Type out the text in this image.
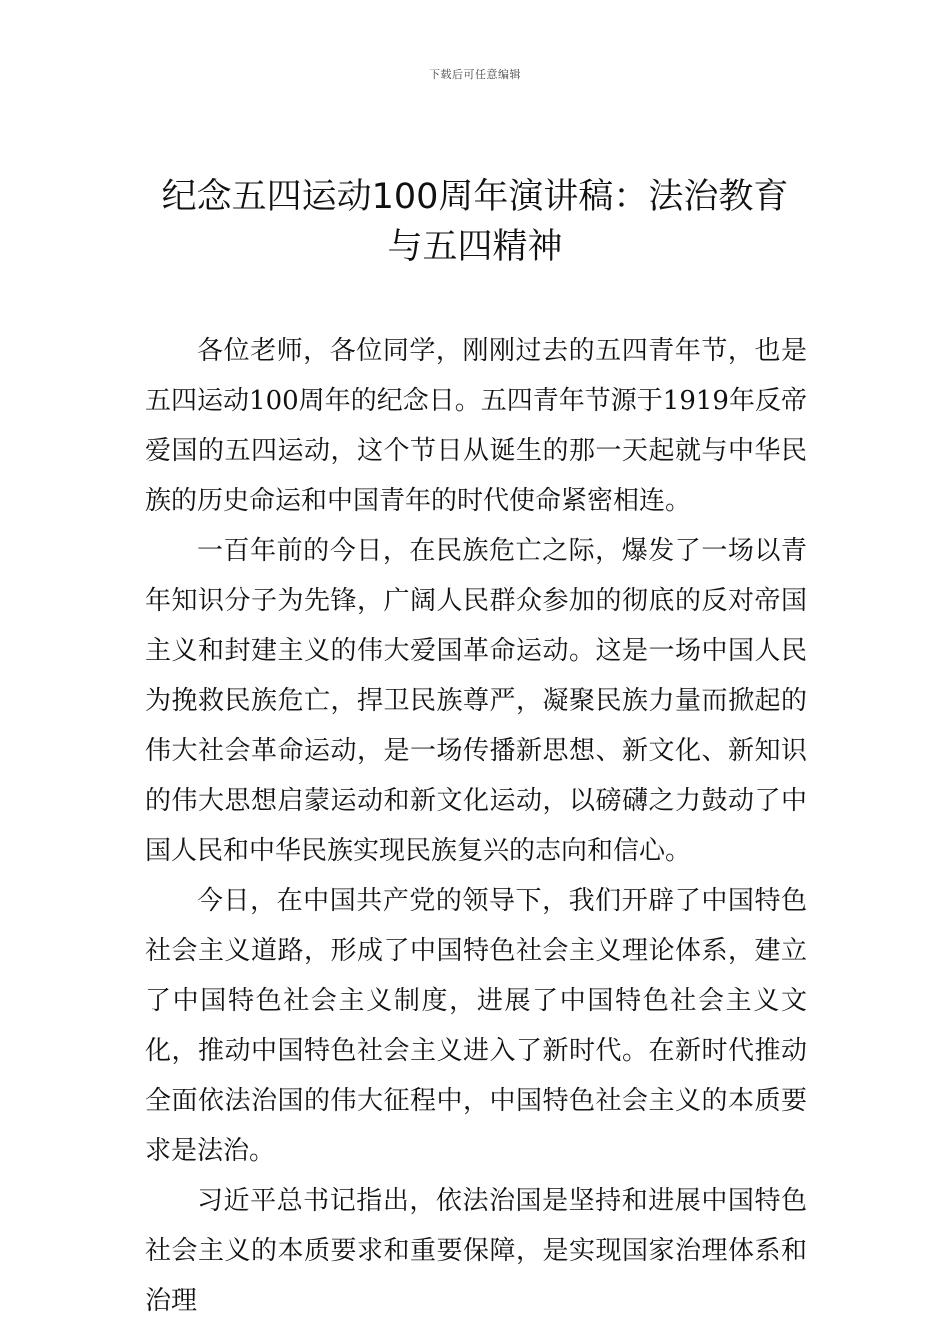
下载后可任意编辑
纪念五四运动100周年演讲稿：法治教育与五四精神

各位老师，各位同学，刚刚过去的五四青年节，也是五四运动100周年的纪念日。五四青年节源于1919年反帝爱国的五四运动，这个节日从诞生的那一天起就与中华民族的历史命运和中国青年的时代使命紧密相连。

一百年前的今日，在民族危亡之际，爆发了一场以青年知识分子为先锋，广阔人民群众参加的彻底的反对帝国主义和封建主义的伟大爱国革命运动。这是一场中国人民为挽救民族危亡，捍卫民族尊严，凝聚民族力量而掀起的伟大社会革命运动，是一场传播新思想、新文化、新知识的伟大思想启蒙运动和新文化运动，以磅礴之力鼓动了中国人民和中华民族实现民族复兴的志向和信心。

今日，在中国共产党的领导下，我们开辟了中国特色社会主义道路，形成了中国特色社会主义理论体系，建立了中国特色社会主义制度，进展了中国特色社会主义文化，推动中国特色社会主义进入了新时代。在新时代推动全面依法治国的伟大征程中，中国特色社会主义的本质要求是法治。

习近平总书记指出，依法治国是坚持和进展中国特色社会主义的本质要求和重要保障，是实现国家治理体系和治理
